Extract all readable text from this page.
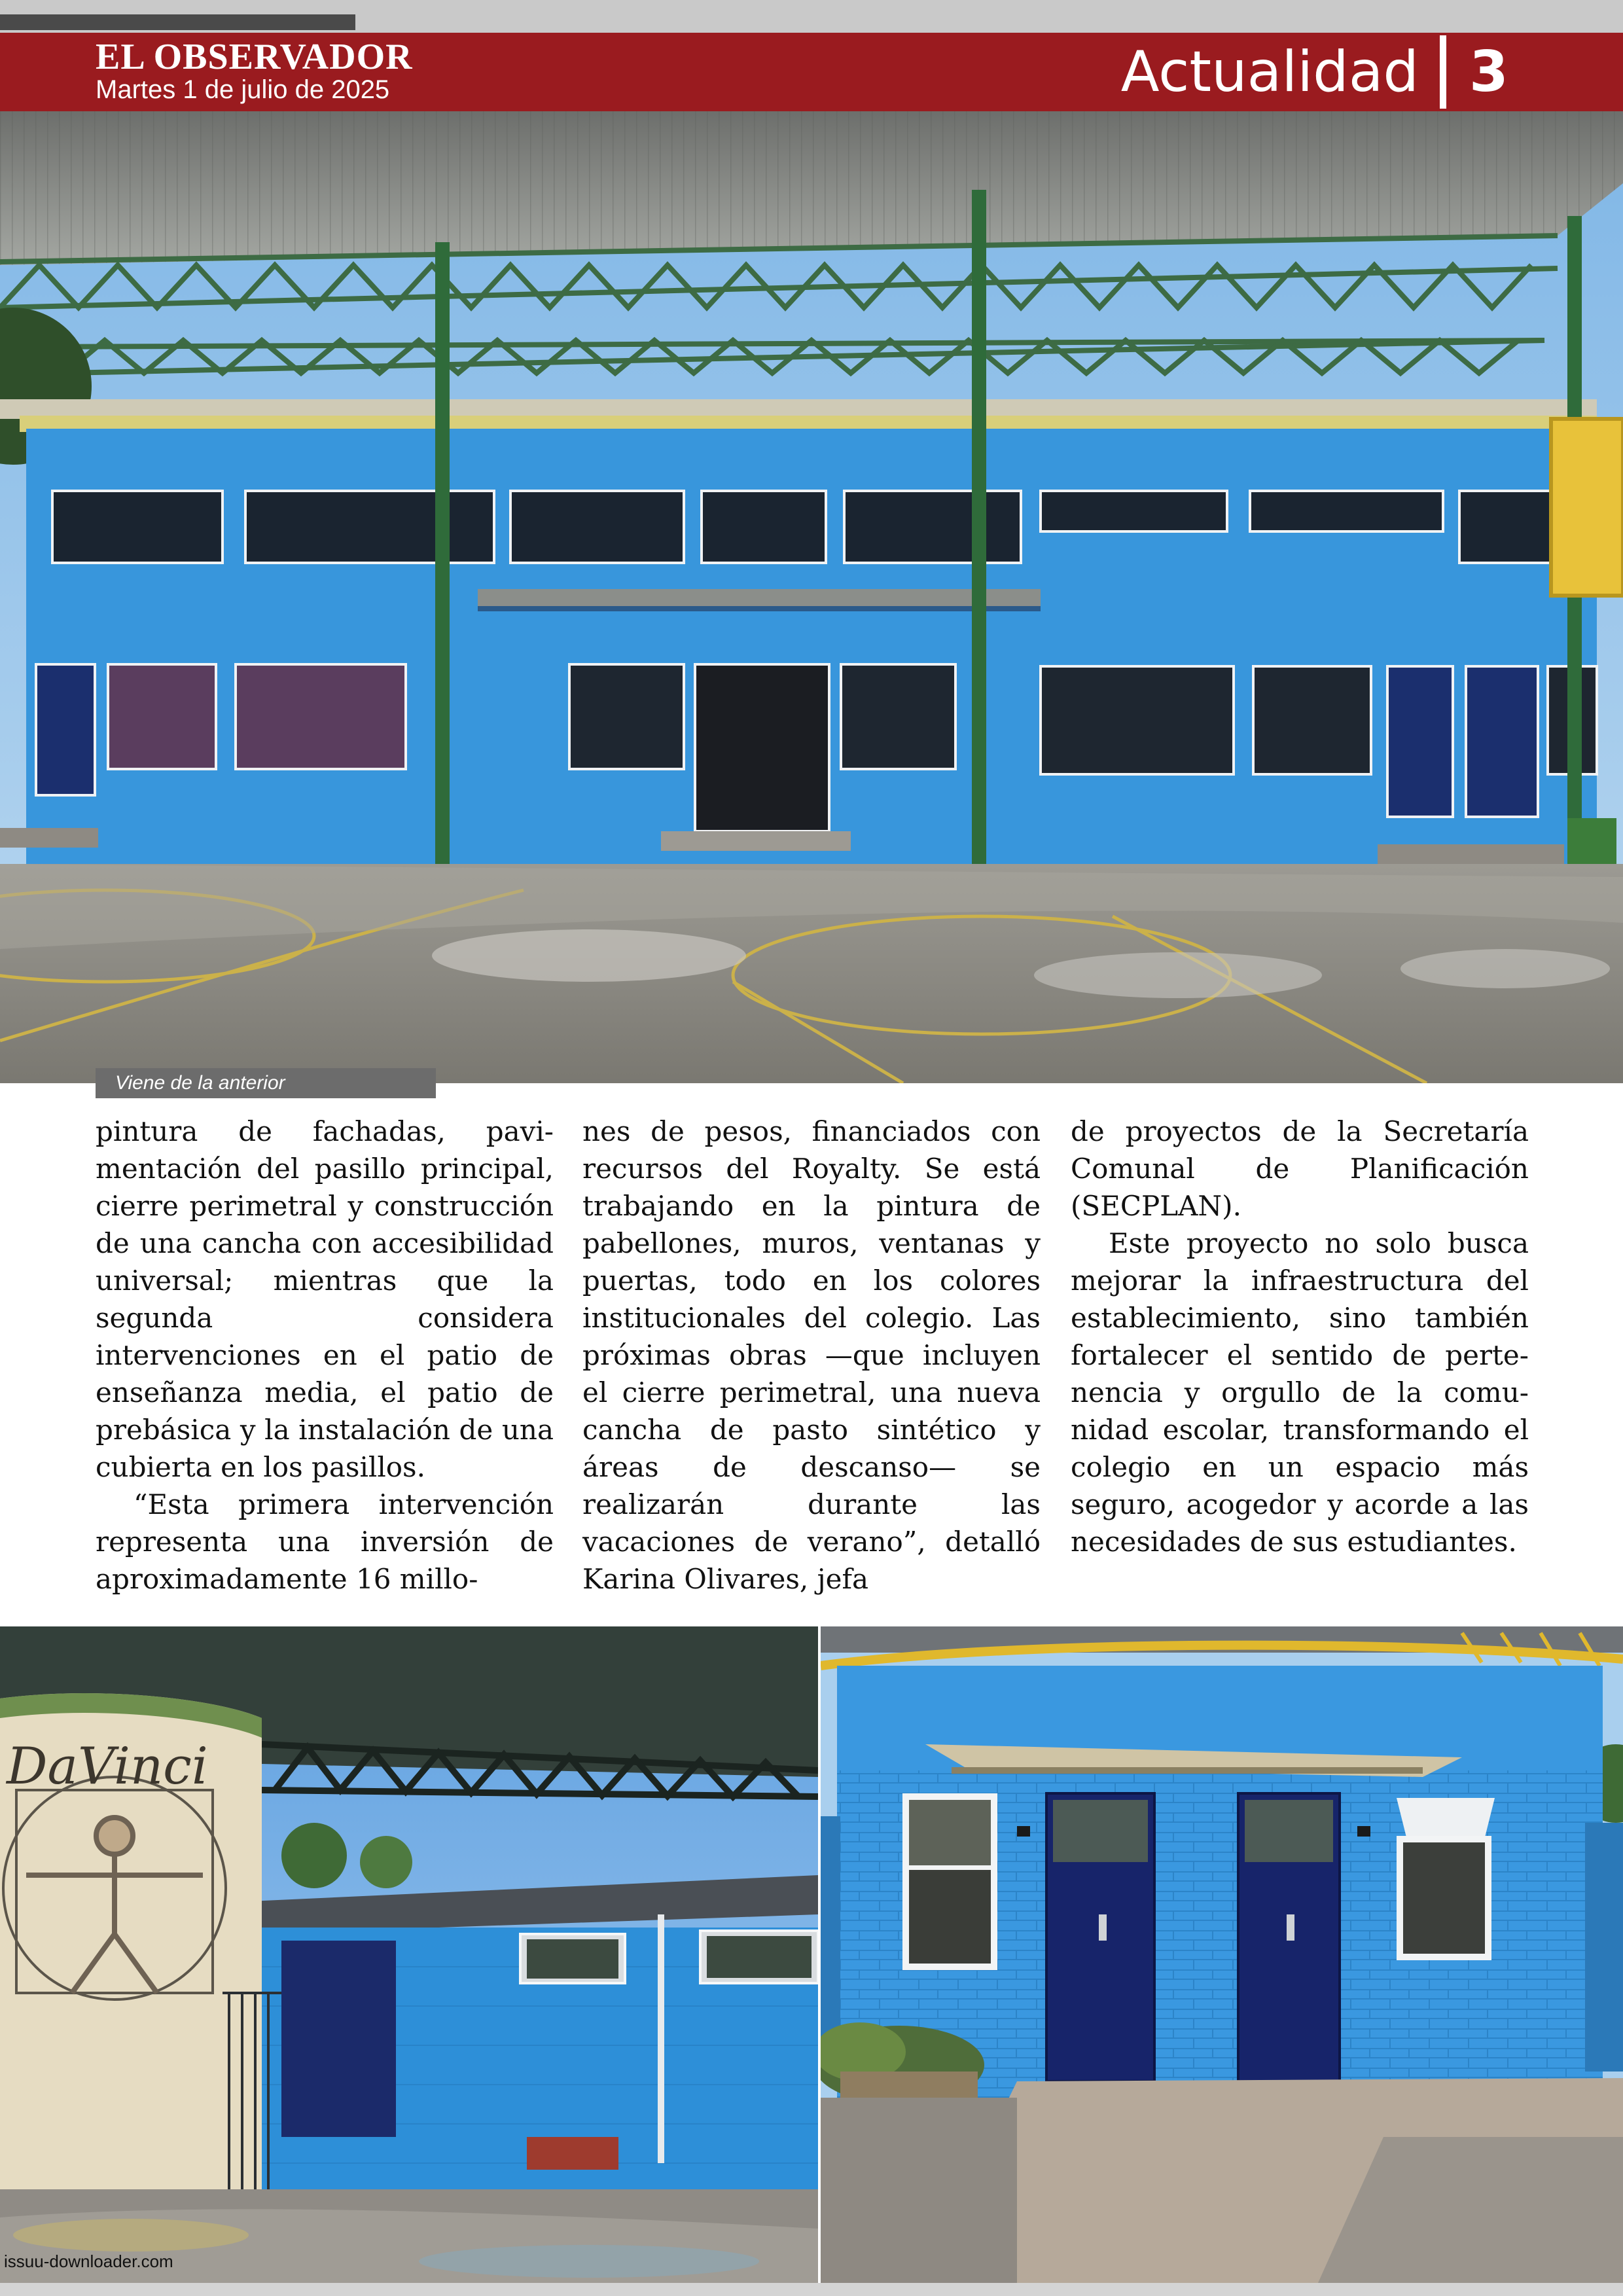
EL OBSERVADOR
Martes 1 de julio de 2025	Actualidad 3
Viene de la anterior

pintura de fachadas, pavimentación del pasillo principal, cierre perimetral y construcción de una cancha con accesibilidad universal; mientras que la segunda considera intervenciones en el patio de enseñanza media, el patio de prebásica y la instalación de una cubierta en los pasillos.

“Esta primera intervención representa una inversión de aproximadamente 16 millo-

nes de pesos, financiados con recursos del Royalty. Se está trabajando en la pintura de pabellones, muros, ventanas y puertas, todo en los colores institucionales del colegio. Las próximas obras —que incluyen el cierre perimetral, una nueva cancha de pasto sintético y áreas de descanso— se realizarán durante las vacaciones de verano”, detalló Karina Olivares, jefa

de proyectos de la Secretaría Comunal de Planificación (SECPLAN).

Este proyecto no solo busca mejorar la infraestructura del establecimiento, sino también fortalecer el sentido de pertenencia y orgullo de la comunidad escolar, transformando el colegio en un espacio más seguro, acogedor y acorde a las necesidades de sus estudiantes.

DaVinci
issuu-downloader.com
